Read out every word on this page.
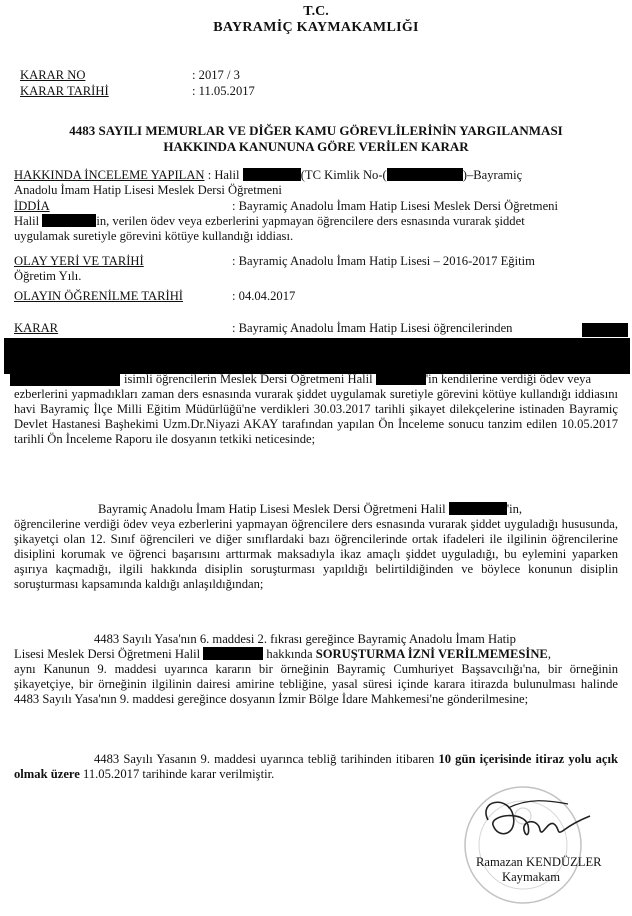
T.C.
BAYRAMİÇ KAYMAKAMLIĞI
KARAR NO	: 2017 / 3
KARAR TARİHİ	: 11.05.2017
4483 SAYILI MEMURLAR VE DİĞER KAMU GÖREVLİLERİNİN YARGILANMASI
HAKKINDA KANUNUNA GÖRE VERİLEN KARAR
HAKKINDA İNCELEME YAPILAN : Halil	(TC Kimlik No-(	)–Bayramiç
Anadolu İmam Hatip Lisesi Meslek Dersi Öğretmeni
İDDİA	: Bayramiç Anadolu İmam Hatip Lisesi Meslek Dersi Öğretmeni
Halil	in, verilen ödev veya ezberlerini yapmayan öğrencilere ders esnasında vurarak şiddet
uygulamak suretiyle görevini kötüye kullandığı iddiası.
OLAY YERİ VE TARİHİ	: Bayramiç Anadolu İmam Hatip Lisesi – 2016-2017 Eğitim
Öğretim Yılı.
OLAYIN ÖĞRENİLME TARİHİ	: 04.04.2017
KARAR	: Bayramiç Anadolu İmam Hatip Lisesi öğrencilerinden
isimli öğrencilerin Meslek Dersi Öğretmeni Halil	'in kendilerine verdiği ödev veya
ezberlerini yapmadıkları zaman ders esnasında vurarak şiddet uygulamak suretiyle görevini kötüye kullandığı iddiasını havi Bayramiç İlçe Milli Eğitim Müdürlüğü'ne verdikleri 30.03.2017 tarihli şikayet dilekçelerine istinaden Bayramiç Devlet Hastanesi Başhekimi Uzm.Dr.Niyazi AKAY tarafından yapılan Ön İnceleme sonucu tanzim edilen 10.05.2017 tarihli Ön İnceleme Raporu ile dosyanın tetkiki neticesinde;
Bayramiç Anadolu İmam Hatip Lisesi Meslek Dersi Öğretmeni Halil	'in,
öğrencilerine verdiği ödev veya ezberlerini yapmayan öğrencilere ders esnasında vurarak şiddet uyguladığı hususunda, şikayetçi olan 12. Sınıf öğrencileri ve diğer sınıflardaki bazı öğrencilerinde ortak ifadeleri ile ilgilinin öğrencilerine disiplini korumak ve öğrenci başarısını arttırmak maksadıyla ikaz amaçlı şiddet uyguladığı, bu eylemini yaparken aşırıya kaçmadığı, ilgili hakkında disiplin soruşturması yapıldığı belirtildiğinden ve böylece konunun disiplin soruşturması kapsamında kaldığı anlaşıldığından;
4483 Sayılı Yasa'nın 6. maddesi 2. fıkrası gereğince Bayramiç Anadolu İmam Hatip
Lisesi Meslek Dersi Öğretmeni Halil	hakkında SORUŞTURMA İZNİ VERİLMEMESİNE,
aynı Kanunun 9. maddesi uyarınca kararın bir örneğinin Bayramiç Cumhuriyet Başsavcılığı'na, bir örneğinin şikayetçiye, bir örneğinin ilgilinin dairesi amirine tebliğine, yasal süresi içinde karara itirazda bulunulması halinde 4483 Sayılı Yasa'nın 9. maddesi gereğince dosyanın İzmir Bölge İdare Mahkemesi'ne gönderilmesine;
4483 Sayılı Yasanın 9. maddesi uyarınca tebliğ tarihinden itibaren 10 gün içerisinde itiraz yolu açık olmak üzere 11.05.2017 tarihinde karar verilmiştir.
Ramazan KENDÜZLER
Kaymakam
